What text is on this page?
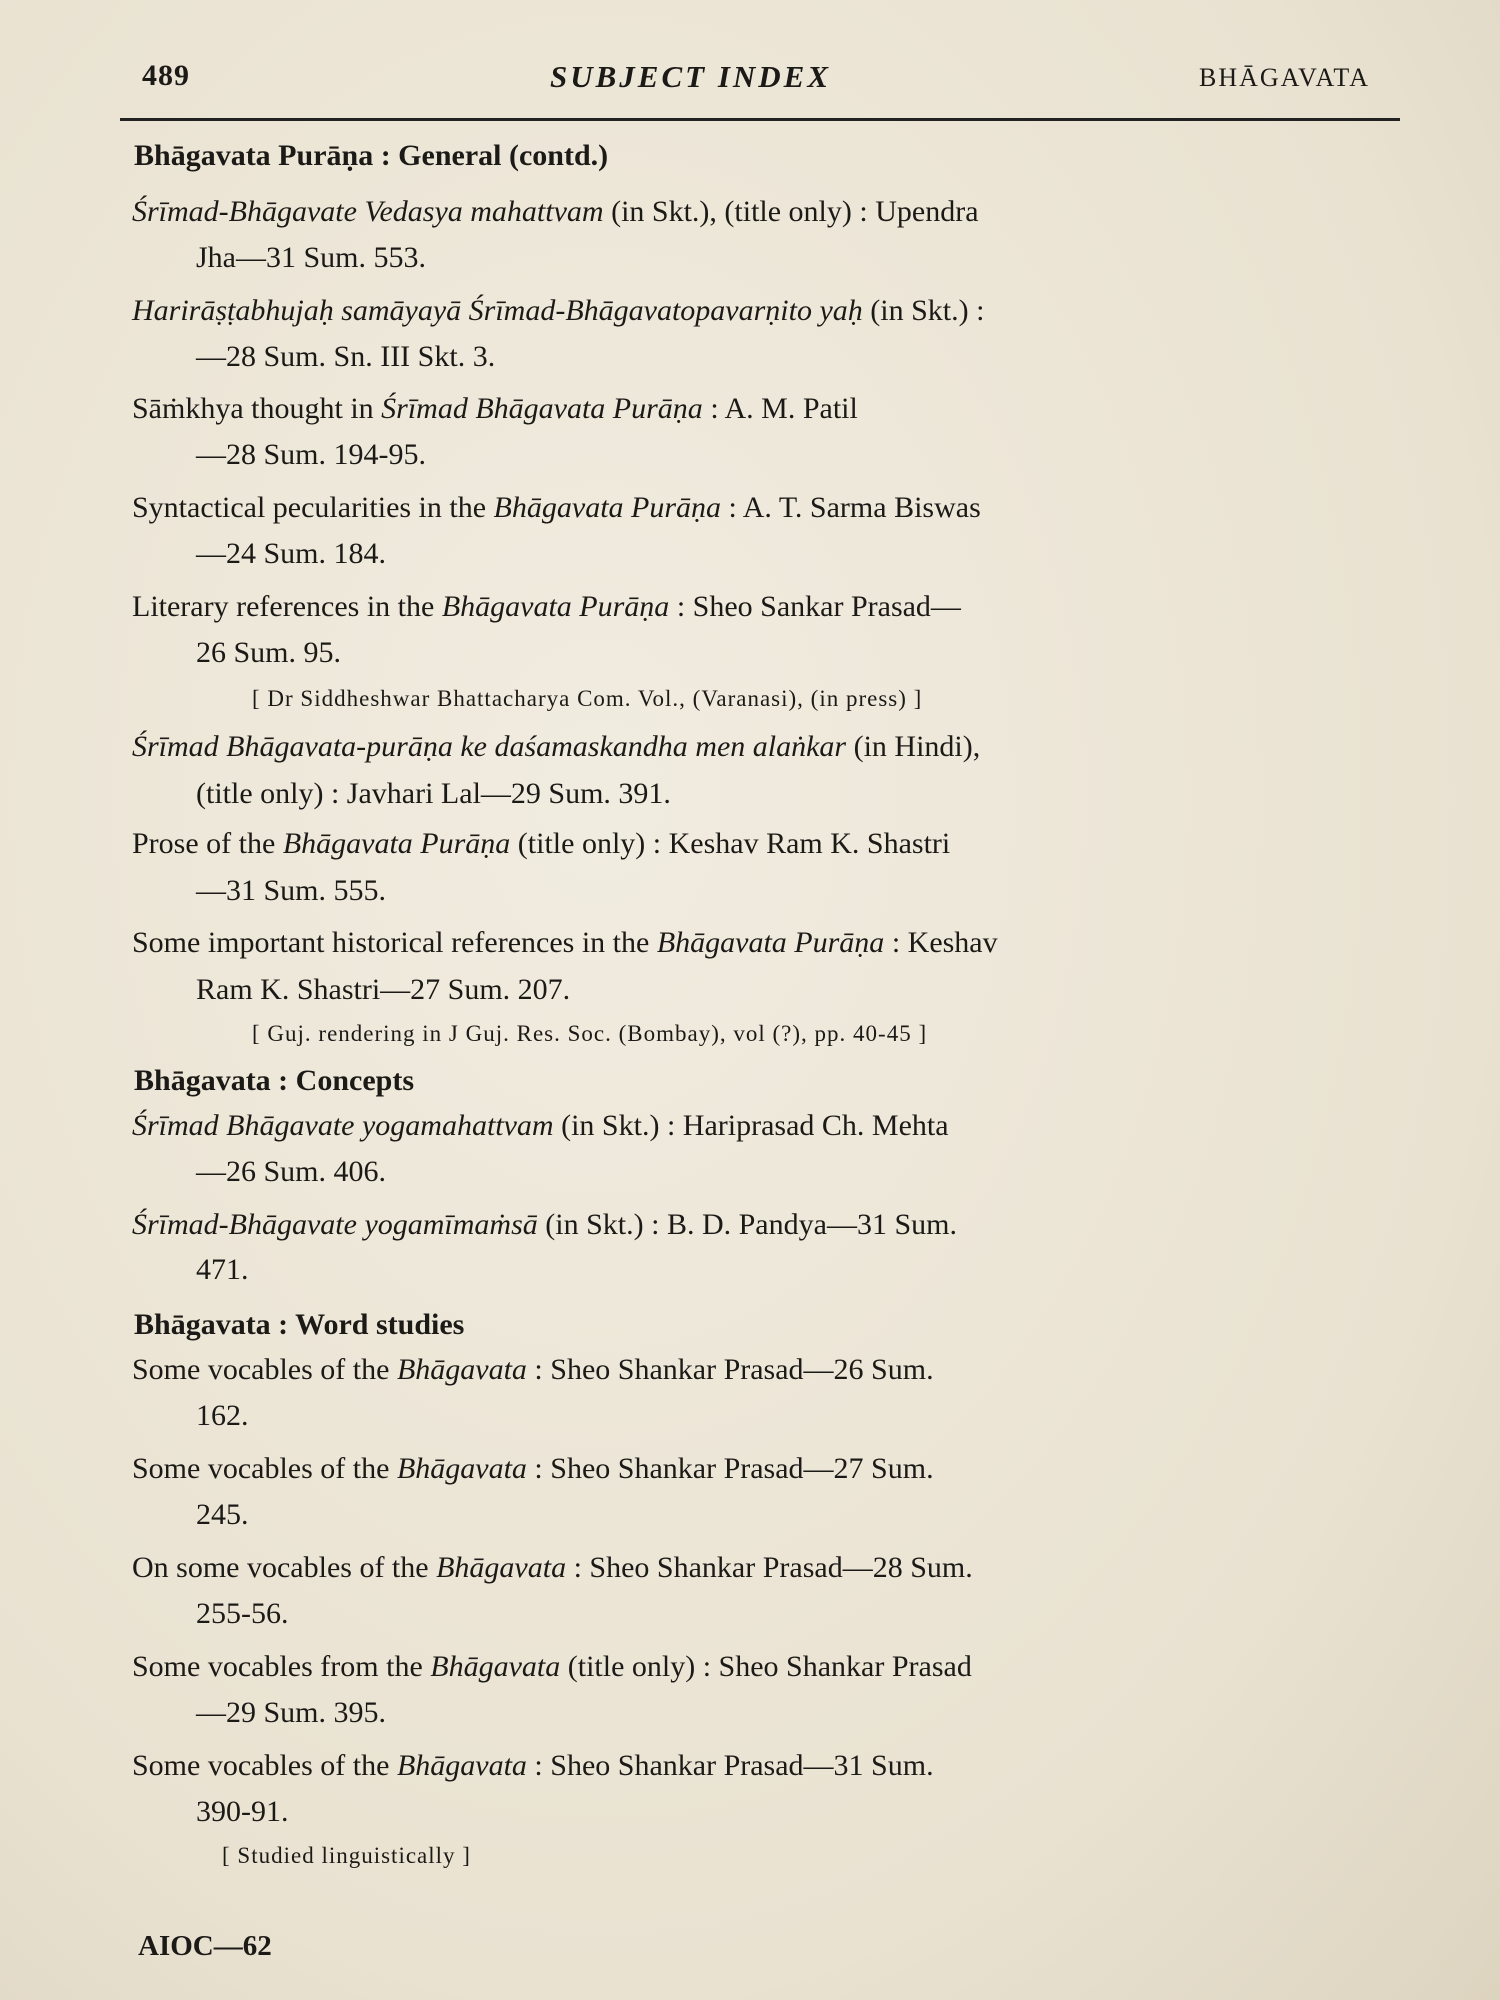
489	SUBJECT INDEX	BHĀGAVATA
Bhāgavata Purāṇa : General (contd.)
Śrīmad-Bhāgavate Vedasya mahattvam (in Skt.), (title only) : Upendra
Jha—31 Sum. 553.
Harirāṣṭabhujaḥ samāyayā Śrīmad-Bhāgavatopavarṇito yaḥ (in Skt.) :
—28 Sum. Sn. III Skt. 3.
Sāṁkhya thought in Śrīmad Bhāgavata Purāṇa : A. M. Patil
—28 Sum. 194-95.
Syntactical pecularities in the Bhāgavata Purāṇa : A. T. Sarma Biswas
—24 Sum. 184.
Literary references in the Bhāgavata Purāṇa : Sheo Sankar Prasad—
26 Sum. 95.
[ Dr Siddheshwar Bhattacharya Com. Vol., (Varanasi), (in press) ]
Śrīmad Bhāgavata-purāṇa ke daśamaskandha men alaṅkar (in Hindi),
(title only) : Javhari Lal—29 Sum. 391.
Prose of the Bhāgavata Purāṇa (title only) : Keshav Ram K. Shastri
—31 Sum. 555.
Some important historical references in the Bhāgavata Purāṇa : Keshav
Ram K. Shastri—27 Sum. 207.
[ Guj. rendering in J Guj. Res. Soc. (Bombay), vol (?), pp. 40-45 ]
Bhāgavata : Concepts
Śrīmad Bhāgavate yogamahattvam (in Skt.) : Hariprasad Ch. Mehta
—26 Sum. 406.
Śrīmad-Bhāgavate yogamīmaṁsā (in Skt.) : B. D. Pandya—31 Sum.
471.
Bhāgavata : Word studies
Some vocables of the Bhāgavata : Sheo Shankar Prasad—26 Sum.
162.
Some vocables of the Bhāgavata : Sheo Shankar Prasad—27 Sum.
245.
On some vocables of the Bhāgavata : Sheo Shankar Prasad—28 Sum.
255-56.
Some vocables from the Bhāgavata (title only) : Sheo Shankar Prasad
—29 Sum. 395.
Some vocables of the Bhāgavata : Sheo Shankar Prasad—31 Sum.
390-91.
[ Studied linguistically ]
AIOC—62
